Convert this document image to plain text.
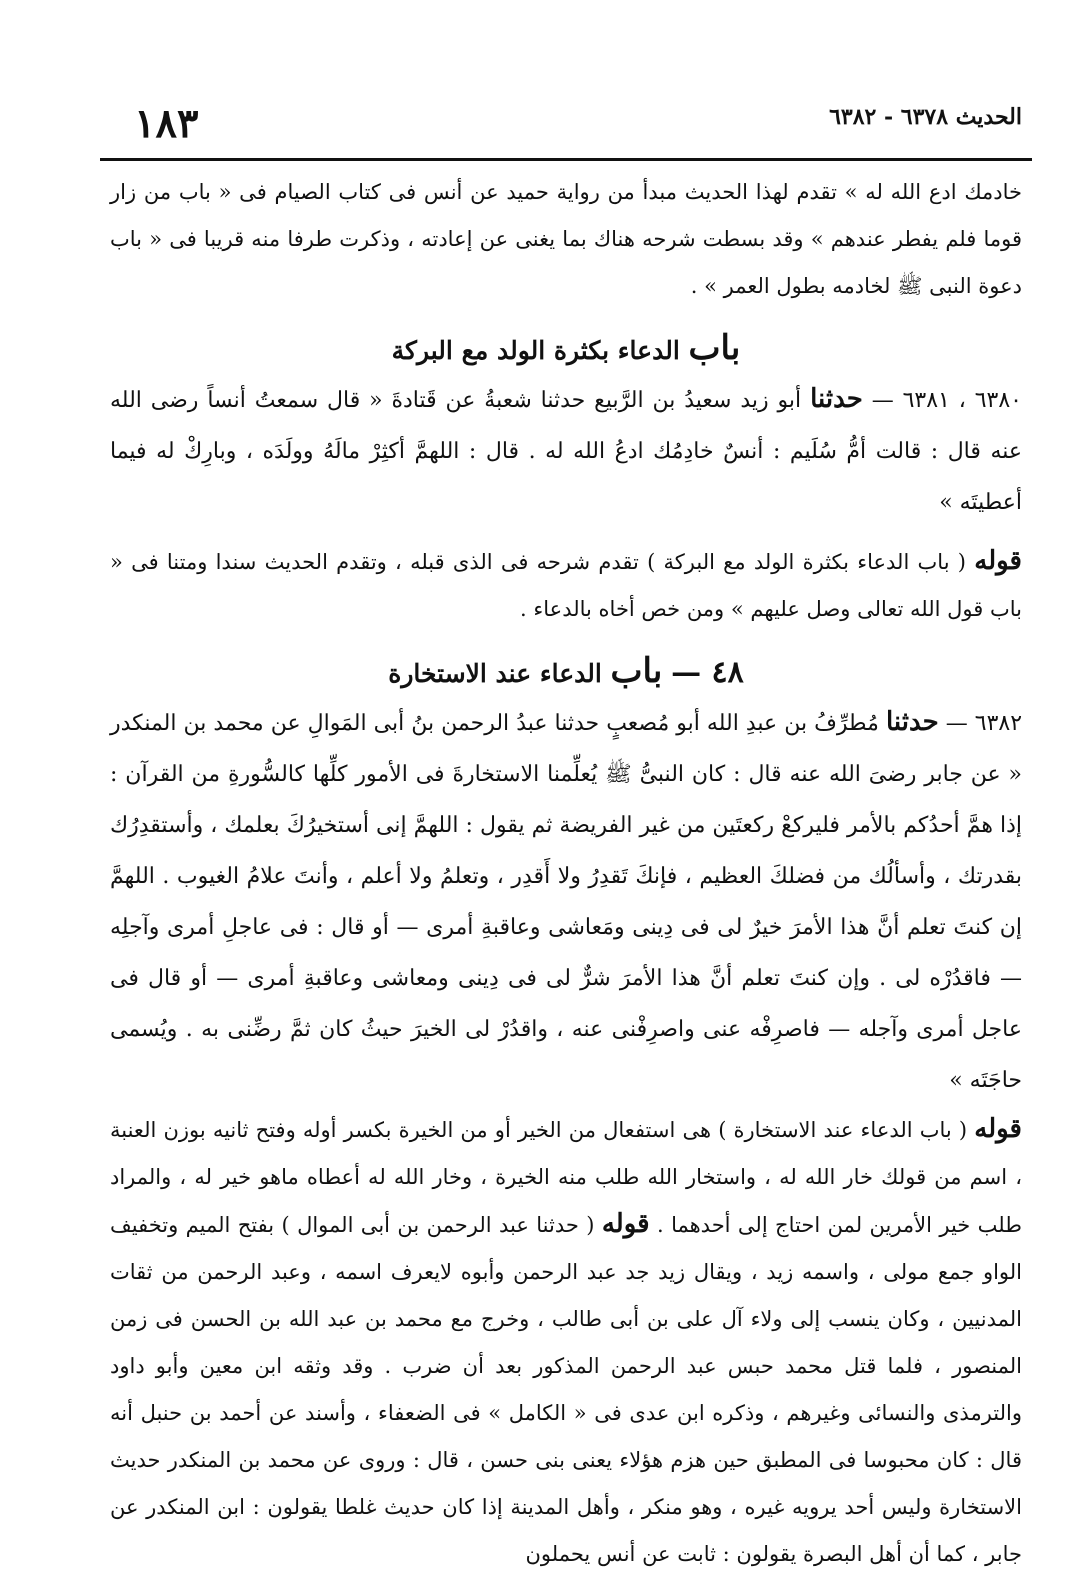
١٨٣	الحديث ٦٣٧٨ - ٦٣٨٢

خادمك ادع الله له » تقدم لهذا الحديث مبدأ من رواية حميد عن أنس فى كتاب الصيام فى « باب من زار قوما فلم يفطر عندهم » وقد بسطت شرحه هناك بما يغنى عن إعادته ، وذكرت طرفا منه قريبا فى « باب دعوة النبى ﷺ لخادمه بطول العمر » .

باب الدعاء بكثرة الولد مع البركة

٦٣٨٠ ، ٦٣٨١ — حدثنا أبو زيد سعيدُ بن الرَّبيع حدثنا شعبةُ عن قَتادةَ « قال سمعتُ أنساً رضى الله عنه قال : قالت أمُّ سُلَيم : أنسٌ خادِمُك ادعُ الله له . قال : اللهمَّ أكثِرْ مالَهُ وولَدَه ، وبارِكْ له فيما أعطيتَه »

قوله ( باب الدعاء بكثرة الولد مع البركة ) تقدم شرحه فى الذى قبله ، وتقدم الحديث سندا ومتنا فى « باب قول الله تعالى وصل عليهم » ومن خص أخاه بالدعاء .

٤٨ — باب الدعاء عند الاستخارة

٦٣٨٢ — حدثنا مُطرِّفُ بن عبدِ الله أبو مُصعبٍ حدثنا عبدُ الرحمن بنُ أبى المَوالِ عن محمد بن المنكدر « عن جابر رضىَ الله عنه قال : كان النبىُّ ﷺ يُعلِّمنا الاستخارةَ فى الأمور كلِّها كالسُّورةِ من القرآن : إذا همَّ أحدُكم بالأمر فليركعْ ركعتَين من غير الفريضة ثم يقول : اللهمَّ إنى أستخيرُكَ بعلمك ، وأستقدِرُك بقدرتك ، وأسألُك من فضلكَ العظيم ، فإنكَ تَقدِرُ ولا أَقدِر ، وتعلمُ ولا أعلم ، وأنتَ علامُ الغيوب . اللهمَّ إن كنتَ تعلم أنَّ هذا الأمرَ خيرٌ لى فى دِينى ومَعاشى وعاقبةِ أمرى — أو قال : فى عاجلِ أمرى وآجلِه — فاقدُرْه لى . وإن كنتَ تعلم أنَّ هذا الأمرَ شرٌّ لى فى دِينى ومعاشى وعاقبةِ أمرى — أو قال فى عاجل أمرى وآجله — فاصرِفْه عنى واصرِفْنى عنه ، واقدُرْ لى الخيرَ حيثُ كان ثمَّ رضِّنى به . ويُسمى حاجَتَه »

قوله ( باب الدعاء عند الاستخارة ) هى استفعال من الخير أو من الخيرة بكسر أوله وفتح ثانيه بوزن العنبة ، اسم من قولك خار الله له ، واستخار الله طلب منه الخيرة ، وخار الله له أعطاه ماهو خير له ، والمراد طلب خير الأمرين لمن احتاج إلى أحدهما . قوله ( حدثنا عبد الرحمن بن أبى الموال ) بفتح الميم وتخفيف الواو جمع مولى ، واسمه زيد ، ويقال زيد جد عبد الرحمن وأبوه لايعرف اسمه ، وعبد الرحمن من ثقات المدنيين ، وكان ينسب إلى ولاء آل على بن أبى طالب ، وخرج مع محمد بن عبد الله بن الحسن فى زمن المنصور ، فلما قتل محمد حبس عبد الرحمن المذكور بعد أن ضرب . وقد وثقه ابن معين وأبو داود والترمذى والنسائى وغيرهم ، وذكره ابن عدى فى « الكامل » فى الضعفاء ، وأسند عن أحمد بن حنبل أنه قال : كان محبوسا فى المطبق حين هزم هؤلاء يعنى بنى حسن ، قال : وروى عن محمد بن المنكدر حديث الاستخارة وليس أحد يرويه غيره ، وهو منكر ، وأهل المدينة إذا كان حديث غلطا يقولون : ابن المنكدر عن جابر ، كما أن أهل البصرة يقولون : ثابت عن أنس يحملون
